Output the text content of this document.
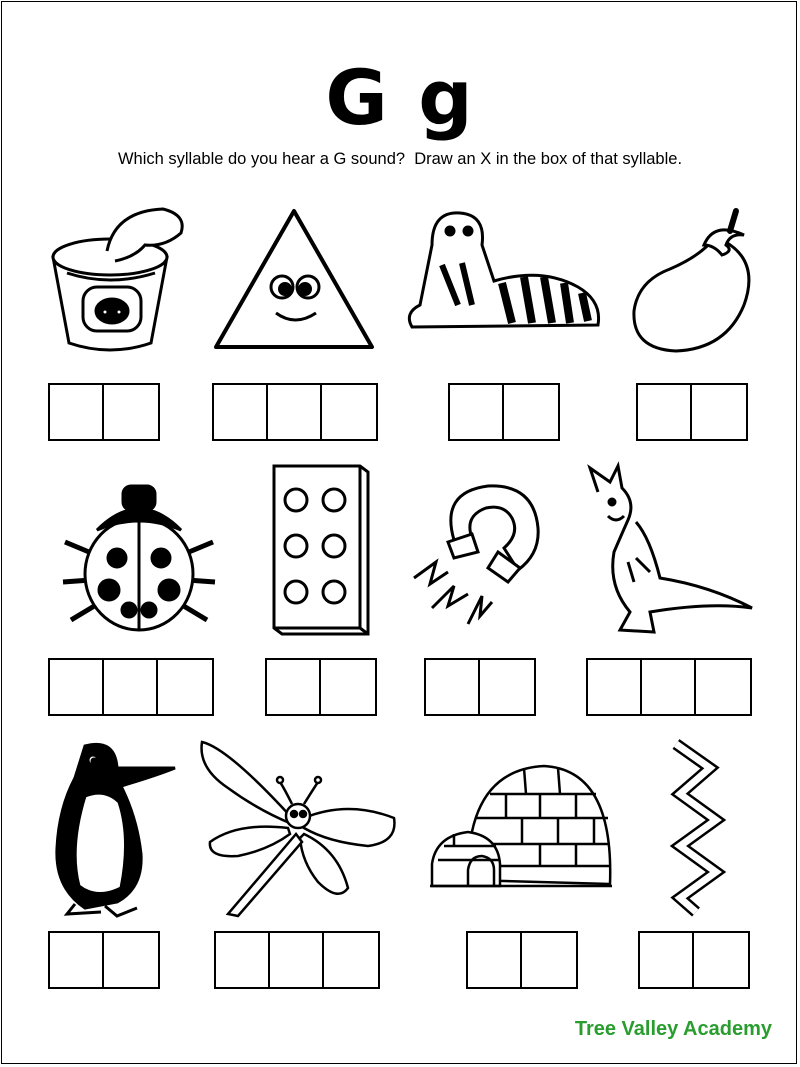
G g
Which syllable do you hear a G sound?  Draw an X in the box of that syllable.
Tree Valley Academy
